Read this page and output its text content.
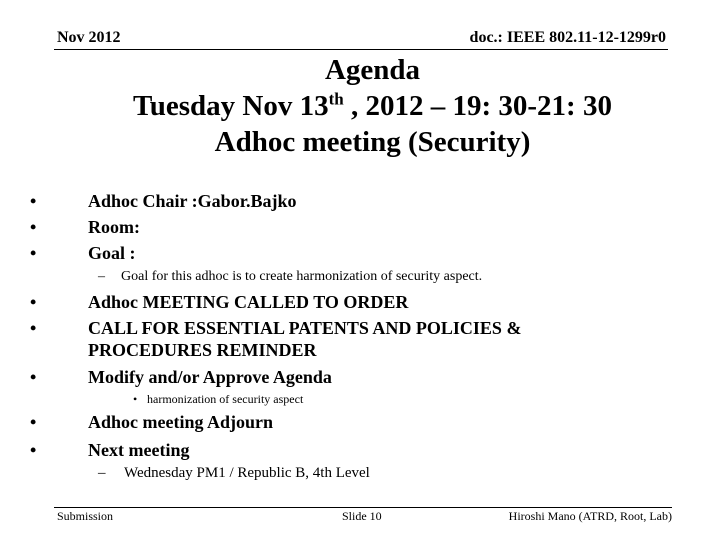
Nov 2012	doc.: IEEE 802.11-12-1299r0
Agenda
Tuesday Nov 13th , 2012 – 19: 30-21: 30
Adhoc meeting (Security)
•	Adhoc Chair :Gabor.Bajko
•	Room:
•	Goal :
– Goal for this adhoc is to create harmonization of security aspect.
•	Adhoc MEETING CALLED TO ORDER
•	CALL FOR ESSENTIAL PATENTS AND POLICIES &
PROCEDURES REMINDER
•	Modify and/or Approve Agenda
• harmonization of security aspect
•	Adhoc meeting Adjourn
•	Next meeting
– Wednesday PM1 / Republic B, 4th Level
Submission	Slide 10	Hiroshi Mano (ATRD, Root, Lab)
